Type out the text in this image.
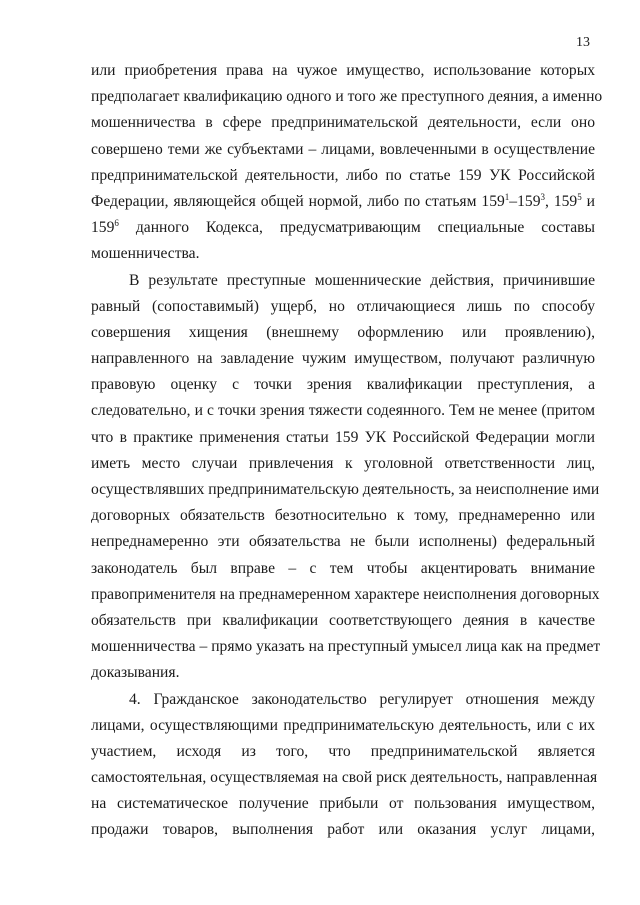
13
или приобретения права на чужое имущество, использование которых
предполагает квалификацию одного и того же преступного деяния, а именно
мошенничества в сфере предпринимательской деятельности, если оно
совершено теми же субъектами – лицами, вовлеченными в осуществление
предпринимательской деятельности, либо по статье 159 УК Российской
Федерации, являющейся общей нормой, либо по статьям $159^1-159^3$, $159^5$ и
$159^6$ данного Кодекса, предусматривающим специальные составы
мошенничества.
В результате преступные мошеннические действия, причинившие
равный (сопоставимый) ущерб, но отличающиеся лишь по способу
совершения хищения (внешнему оформлению или проявлению),
направленного на завладение чужим имуществом, получают различную
правовую оценку с точки зрения квалификации преступления, а
следовательно, и с точки зрения тяжести содеянного. Тем не менее (притом
что в практике применения статьи 159 УК Российской Федерации могли
иметь место случаи привлечения к уголовной ответственности лиц,
осуществлявших предпринимательскую деятельность, за неисполнение ими
договорных обязательств безотносительно к тому, преднамеренно или
непреднамеренно эти обязательства не были исполнены) федеральный
законодатель был вправе – с тем чтобы акцентировать внимание
правоприменителя на преднамеренном характере неисполнения договорных
обязательств при квалификации соответствующего деяния в качестве
мошенничества – прямо указать на преступный умысел лица как на предмет
доказывания.
4. Гражданское законодательство регулирует отношения между
лицами, осуществляющими предпринимательскую деятельность, или с их
участием, исходя из того, что предпринимательской является
самостоятельная, осуществляемая на свой риск деятельность, направленная
на систематическое получение прибыли от пользования имуществом,
продажи товаров, выполнения работ или оказания услуг лицами,
